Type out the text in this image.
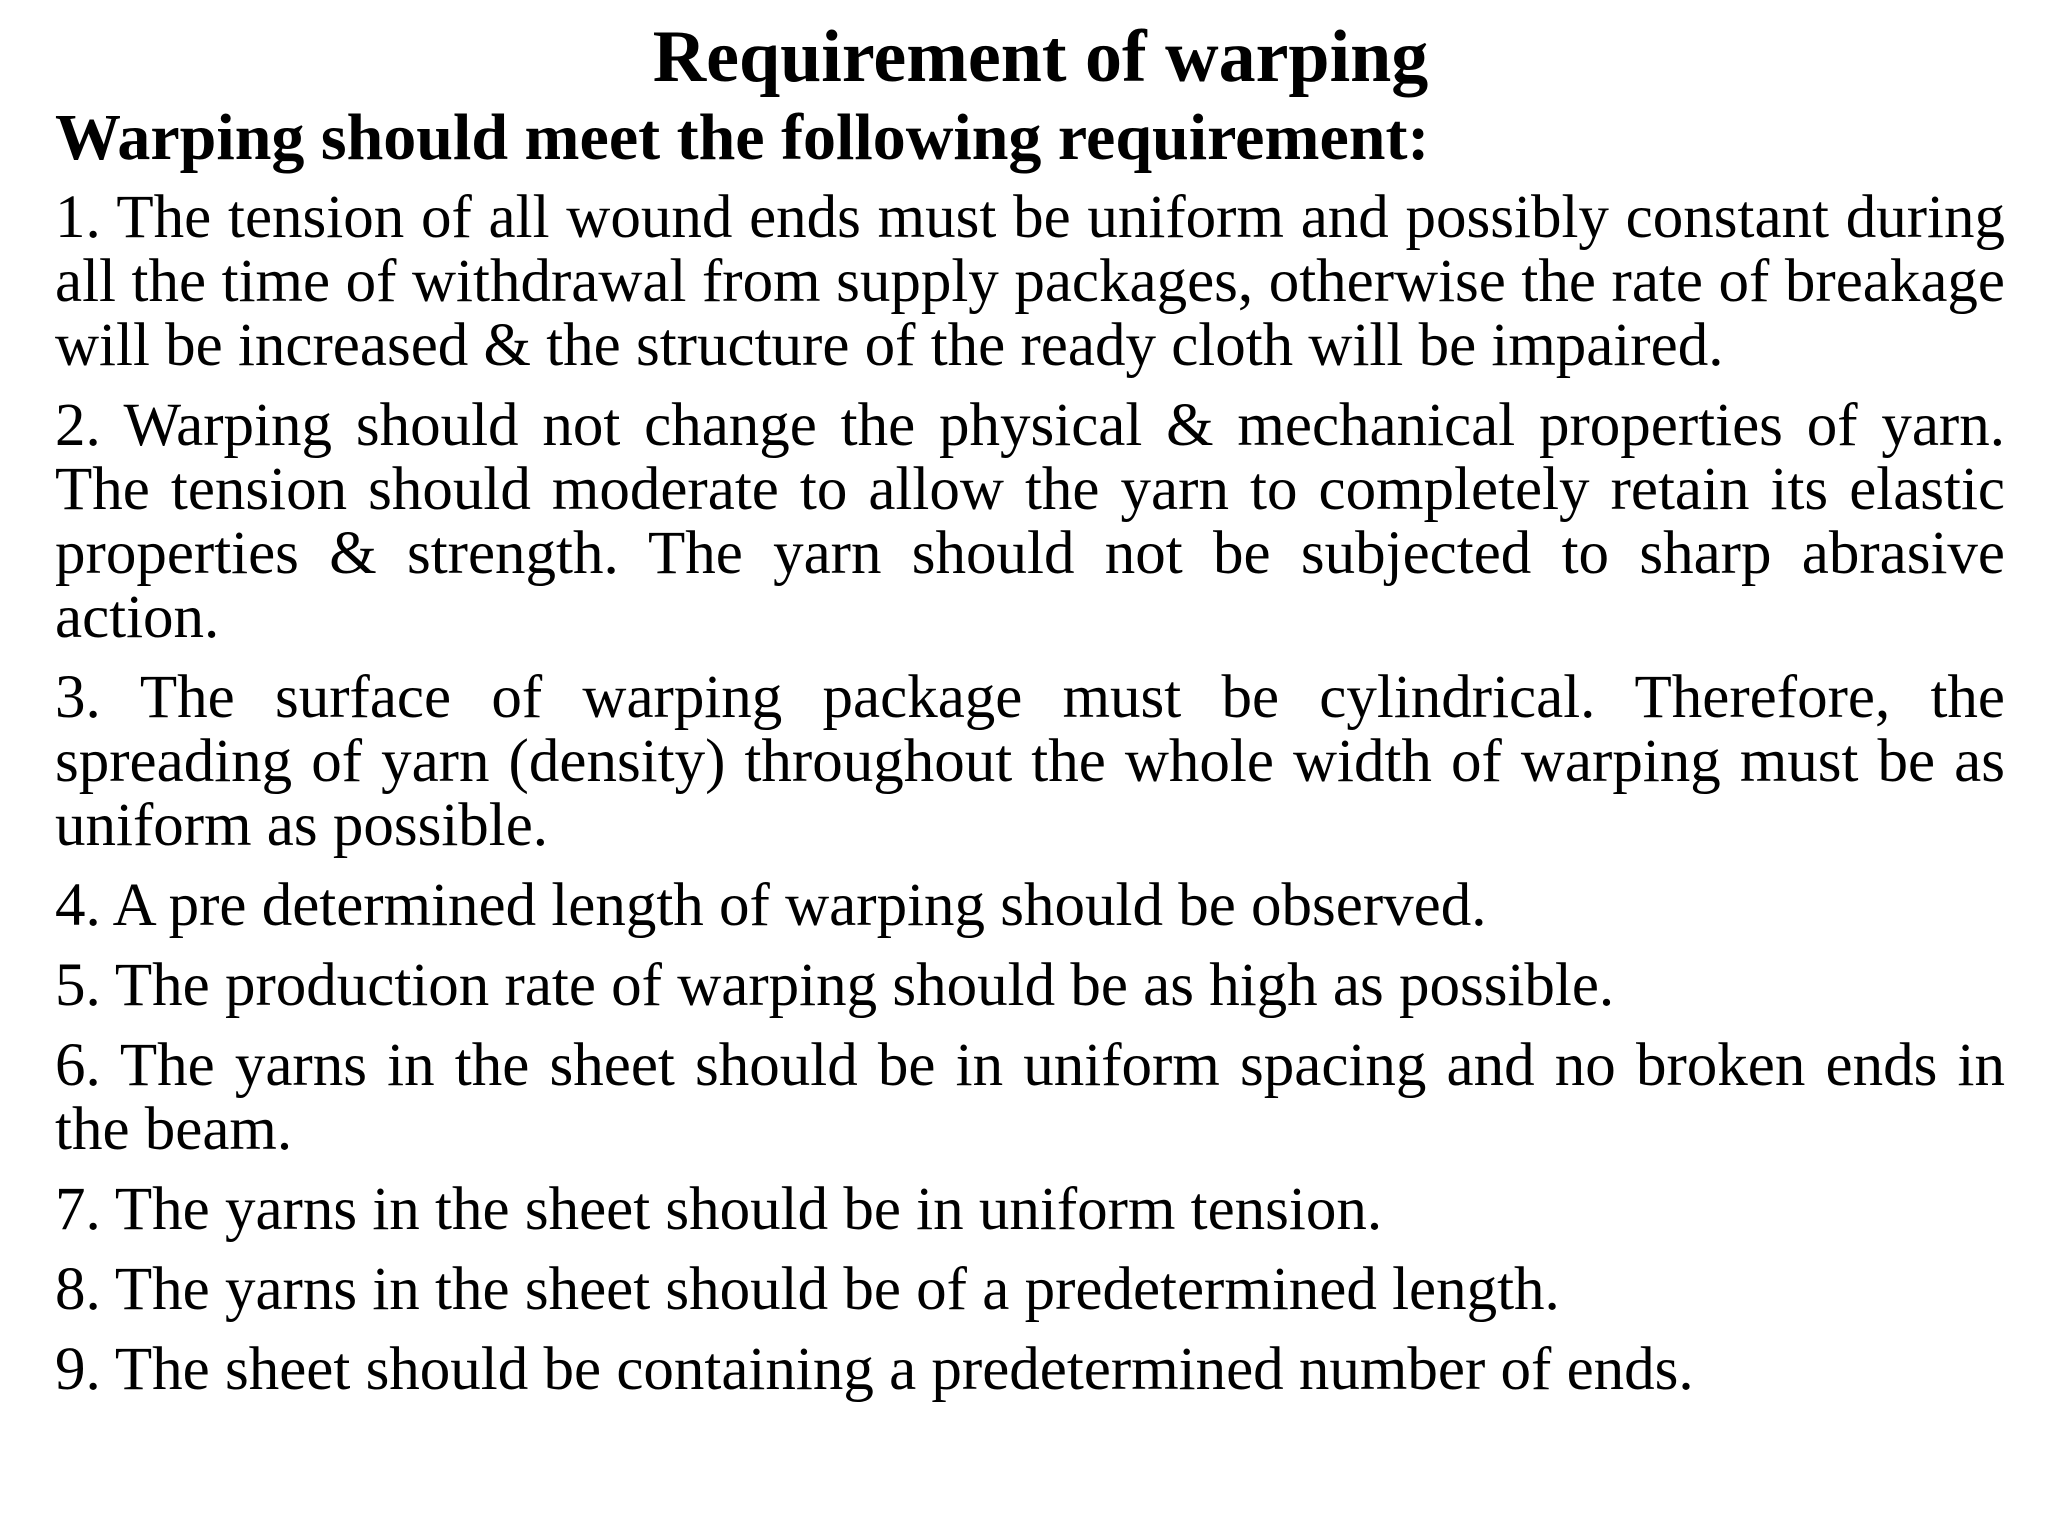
Requirement of warping

Warping should meet the following requirement:

1. The tension of all wound ends must be uniform and possibly constant during all the time of withdrawal from supply packages, otherwise the rate of breakage will be increased & the structure of the ready cloth will be impaired.
2. Warping should not change the physical & mechanical properties of yarn. The tension should moderate to allow the yarn to completely retain its elastic properties & strength. The yarn should not be subjected to sharp abrasive action.
3. The surface of warping package must be cylindrical. Therefore, the spreading of yarn (density) throughout the whole width of warping must be as uniform as possible.
4. A pre determined length of warping should be observed.
5. The production rate of warping should be as high as possible.
6. The yarns in the sheet should be in uniform spacing and no broken ends in the beam.
7. The yarns in the sheet should be in uniform tension.
8. The yarns in the sheet should be of a predetermined length.
9. The sheet should be containing a predetermined number of ends.
